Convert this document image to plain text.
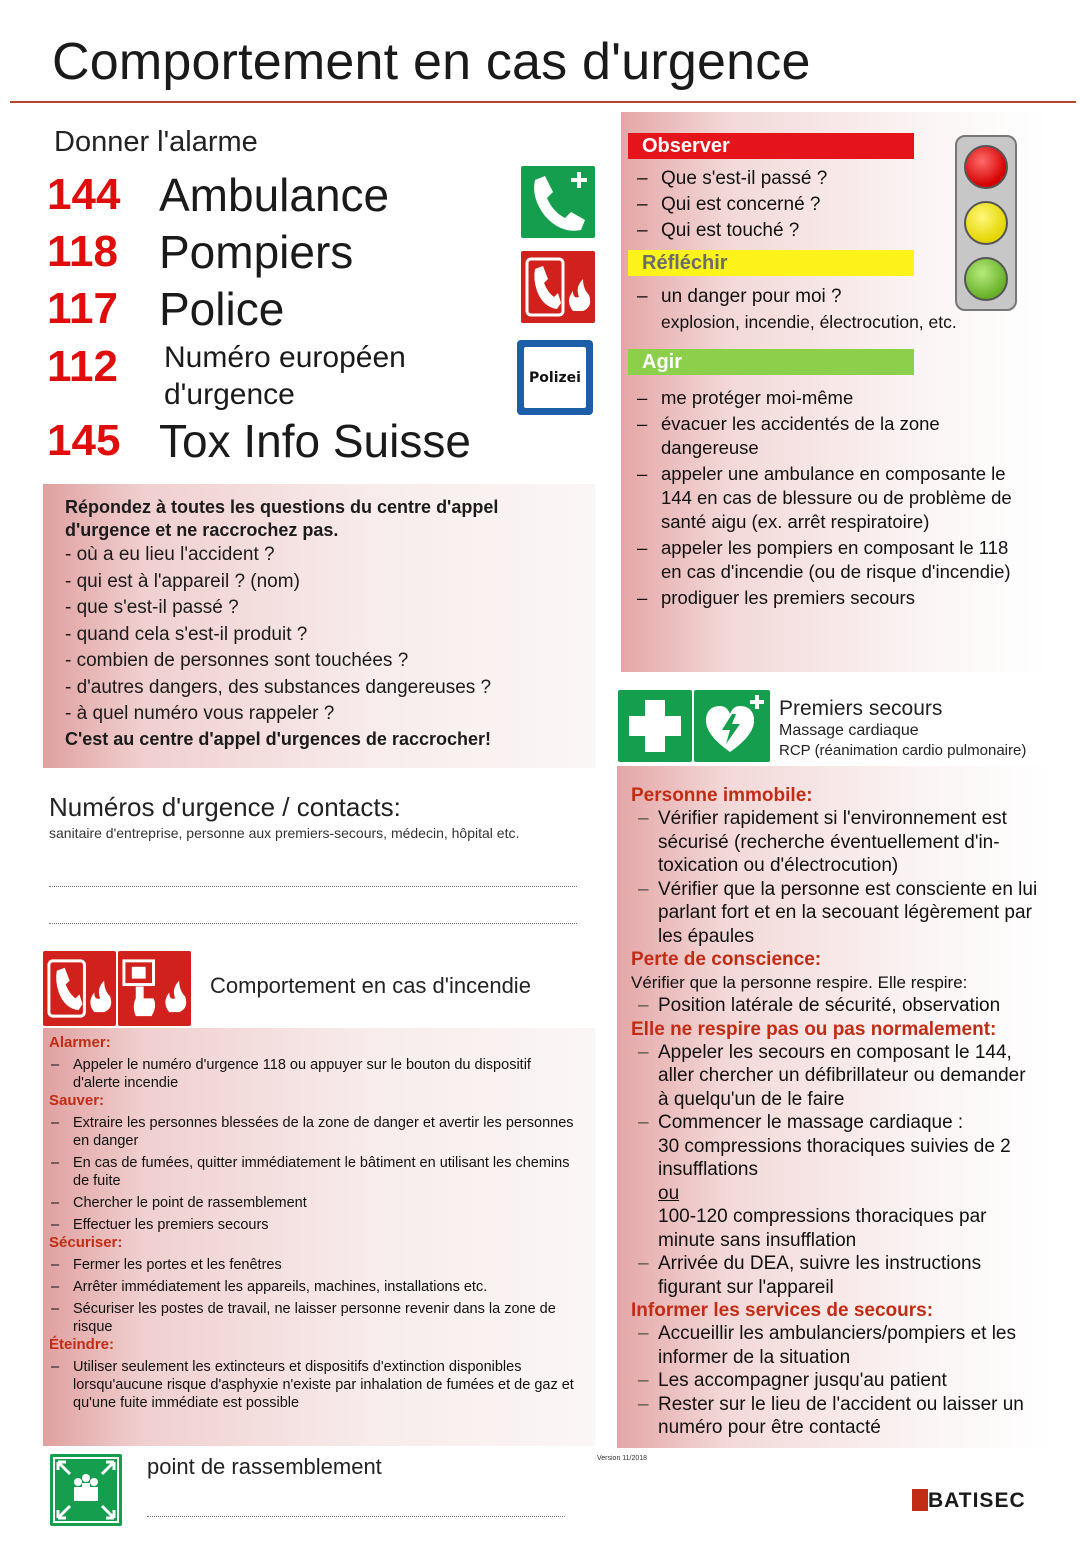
Comportement en cas d'urgence
Donner l'alarme
144 Ambulance
118 Pompiers
117 Police
112 Numéro européen
d'urgence
145 Tox Info Suisse
Polizei
Répondez à toutes les questions du centre d'appel d'urgence et ne raccrochez pas.
- où a eu lieu l'accident ?
- qui est à l'appareil ? (nom)
- que s'est-il passé ?
- quand cela s'est-il produit ?
- combien de personnes sont touchées ?
- d'autres dangers, des substances dangereuses ?
- à quel numéro vous rappeler ?
C'est au centre d'appel d'urgences de raccrocher!
Numéros d'urgence / contacts:
sanitaire d'entreprise, personne aux premiers-secours, médecin, hôpital etc.
Comportement en cas d'incendie
Alarmer:
– Appeler le numéro d'urgence 118 ou appuyer sur le bouton du dispositif d'alerte incendie
Sauver:
– Extraire les personnes blessées de la zone de danger et avertir les personnes en danger
– En cas de fumées, quitter immédiatement le bâtiment en utilisant les chemins de fuite
– Chercher le point de rassemblement
– Effectuer les premiers secours
Sécuriser:
– Fermer les portes et les fenêtres
– Arrêter immédiatement les appareils, machines, installations etc.
– Sécuriser les postes de travail, ne laisser personne revenir dans la zone de risque
Éteindre:
– Utiliser seulement les extincteurs et dispositifs d'extinction disponibles lorsqu'aucune risque d'asphyxie n'existe par inhalation de fumées et de gaz et qu'une fuite immédiate est possible
point de rassemblement
Observer
– Que s'est-il passé ?
– Qui est concerné ?
– Qui est touché ?
Réfléchir
– un danger pour moi ?
explosion, incendie, électrocution, etc.
Agir
– me protéger moi-même
– évacuer les accidentés de la zone dangereuse
– appeler une ambulance en composante le 144 en cas de blessure ou de problème de santé aigu (ex. arrêt respiratoire)
– appeler les pompiers en composant le 118 en cas d'incendie (ou de risque d'incendie)
– prodiguer les premiers secours
Premiers secours
Massage cardiaque
RCP (réanimation cardio pulmonaire)
Personne immobile:
– Vérifier rapidement si l'environnement est sécurisé (recherche éventuellement d'in-toxication ou d'électrocution)
– Vérifier que la personne est consciente en lui parlant fort et en la secouant légèrement par les épaules
Perte de conscience:
Vérifier que la personne respire. Elle respire:
– Position latérale de sécurité, observation
Elle ne respire pas ou pas normalement:
– Appeler les secours en composant le 144, aller chercher un défibrillateur ou demander à quelqu'un de le faire
– Commencer le massage cardiaque :
30 compressions thoraciques suivies de 2 insufflations
ou
100-120 compressions thoraciques par minute sans insufflation
– Arrivée du DEA, suivre les instructions figurant sur l'appareil
Informer les services de secours:
– Accueillir les ambulanciers/pompiers et les informer de la situation
– Les accompagner jusqu'au patient
– Rester sur le lieu de l'accident ou laisser un numéro pour être contacté
Version 11/2018
BATISEC
